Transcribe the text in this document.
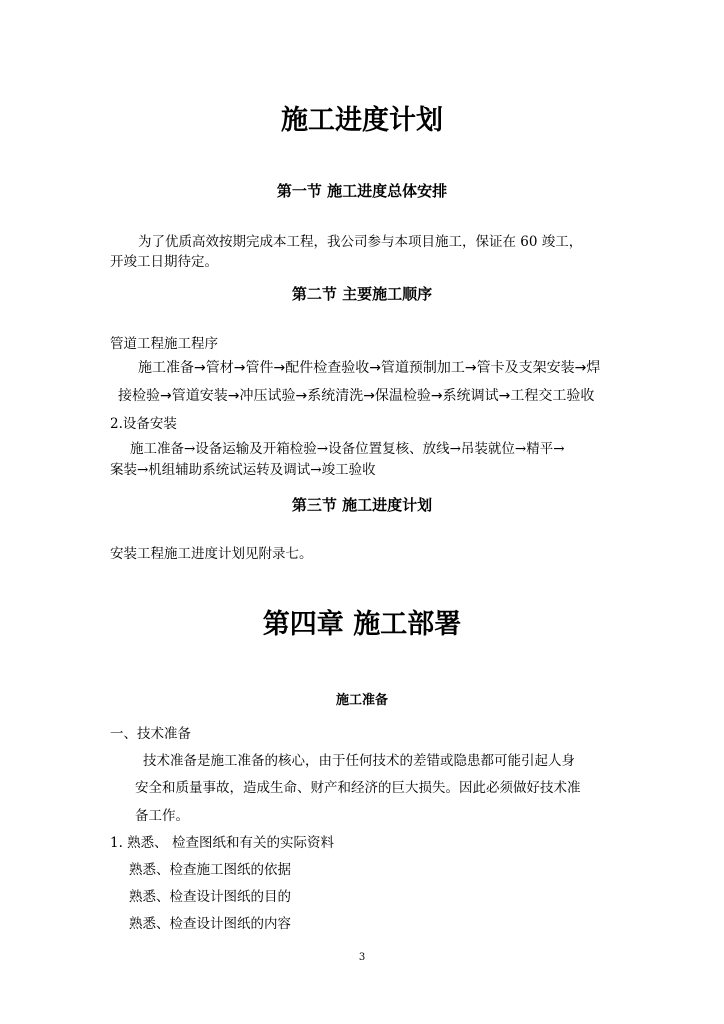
施工进度计划
第一节 施工进度总体安排
为了优质高效按期完成本工程，我公司参与本项目施工，保证在 60 竣工，
开竣工日期待定。
第二节 主要施工顺序
管道工程施工程序
施工准备→管材→管件→配件检查验收→管道预制加工→管卡及支架安装→焊
接检验→管道安装→冲压试验→系统清洗→保温检验→系统调试→工程交工验收
2.设备安装
施工准备→设备运输及开箱检验→设备位置复核、放线→吊装就位→精平→
案装→机组辅助系统试运转及调试→竣工验收
第三节 施工进度计划
安装工程施工进度计划见附录七。
第四章 施工部署
施工准备
一、技术准备
技术准备是施工准备的核心，由于任何技术的差错或隐患都可能引起人身
安全和质量事故，造成生命、财产和经济的巨大损失。因此必须做好技术准
备工作。
1. 熟悉、 检查图纸和有关的实际资料
熟悉、检查施工图纸的依据
熟悉、检查设计图纸的目的
熟悉、检查设计图纸的内容
3
